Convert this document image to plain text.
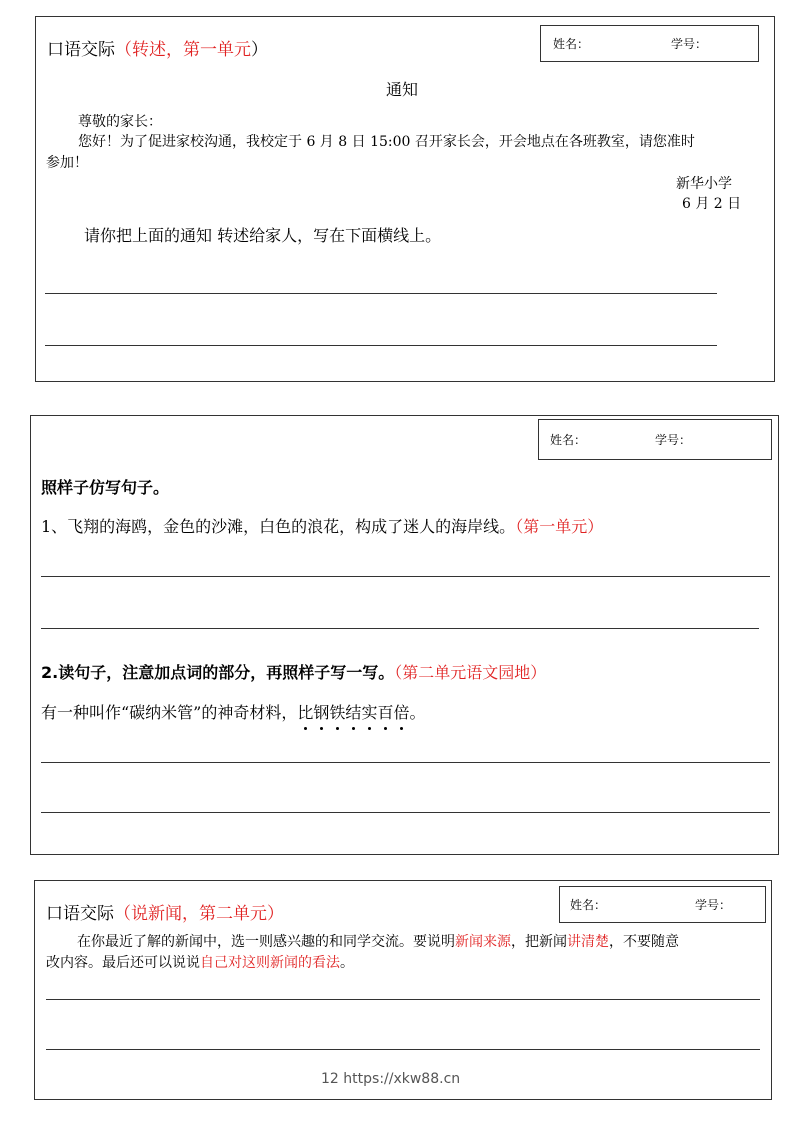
口语交际（转述，第一单元）	姓名：	学号：
通知
尊敬的家长：
您好！为了促进家校沟通，我校定于 6 月 8 日 15:00 召开家长会，开会地点在各班教室，请您准时
参加！
新华小学
6 月 2 日
请你把上面的通知 转述给家人，写在下面横线上。
姓名：	学号：
照样子仿写句子。
1、飞翔的海鸥，金色的沙滩，白色的浪花，构成了迷人的海岸线。（第一单元）
2.读句子，注意加点词的部分，再照样子写一写。（第二单元语文园地）
有一种叫作“碳纳米管”的神奇材料，比钢铁结实百倍。
口语交际（说新闻，第二单元）	姓名：	学号：
在你最近了解的新闻中，选一则感兴趣的和同学交流。要说明新闻来源，把新闻讲清楚，不要随意
改内容。最后还可以说说自己对这则新闻的看法。
12 https://xkw88.cn
